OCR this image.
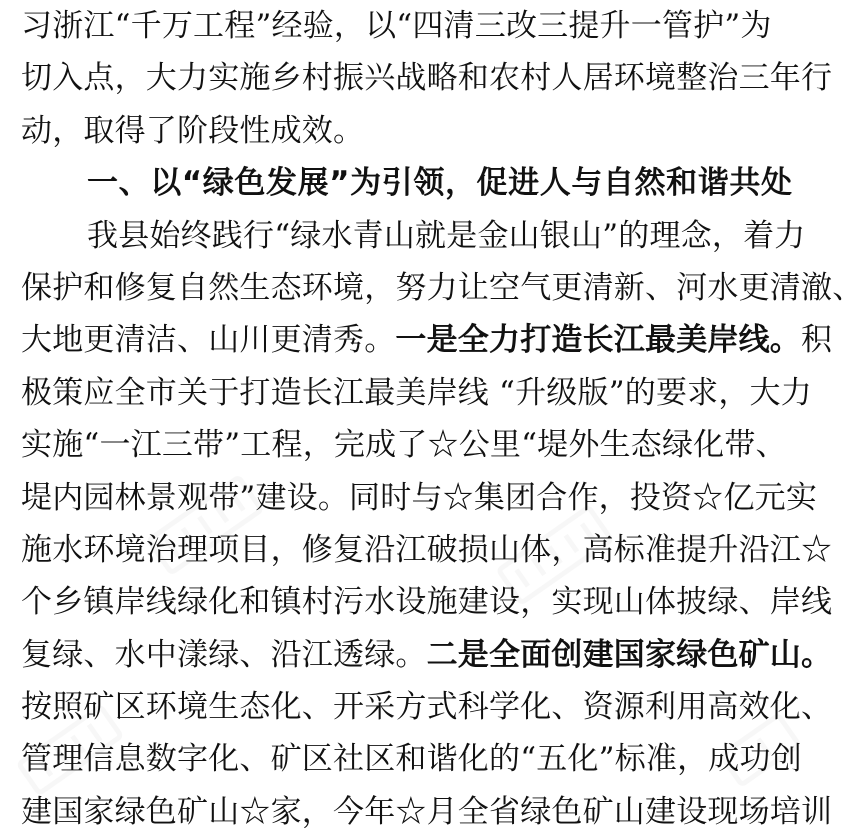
习浙江“千万工程”经验，以“四清三改三提升一管护”为
切入点，大力实施乡村振兴战略和农村人居环境整治三年行
动，取得了阶段性成效。
一、以“绿色发展”为引领，促进人与自然和谐共处
我县始终践行“绿水青山就是金山银山”的理念，着力
保护和修复自然生态环境，努力让空气更清新、河水更清澈、
大地更清洁、山川更清秀。一是全力打造长江最美岸线。积
极策应全市关于打造长江最美岸线 “升级版”的要求，大力
实施“一江三带”工程，完成了☆公里“堤外生态绿化带、
堤内园林景观带”建设。同时与☆集团合作，投资☆亿元实
施水环境治理项目，修复沿江破损山体，高标准提升沿江☆
个乡镇岸线绿化和镇村污水设施建设，实现山体披绿、岸线
复绿、水中漾绿、沿江透绿。二是全面创建国家绿色矿山。
按照矿区环境生态化、开采方式科学化、资源利用高效化、
管理信息数字化、矿区社区和谐化的“五化”标准，成功创
建国家绿色矿山☆家，今年☆月全省绿色矿山建设现场培训
